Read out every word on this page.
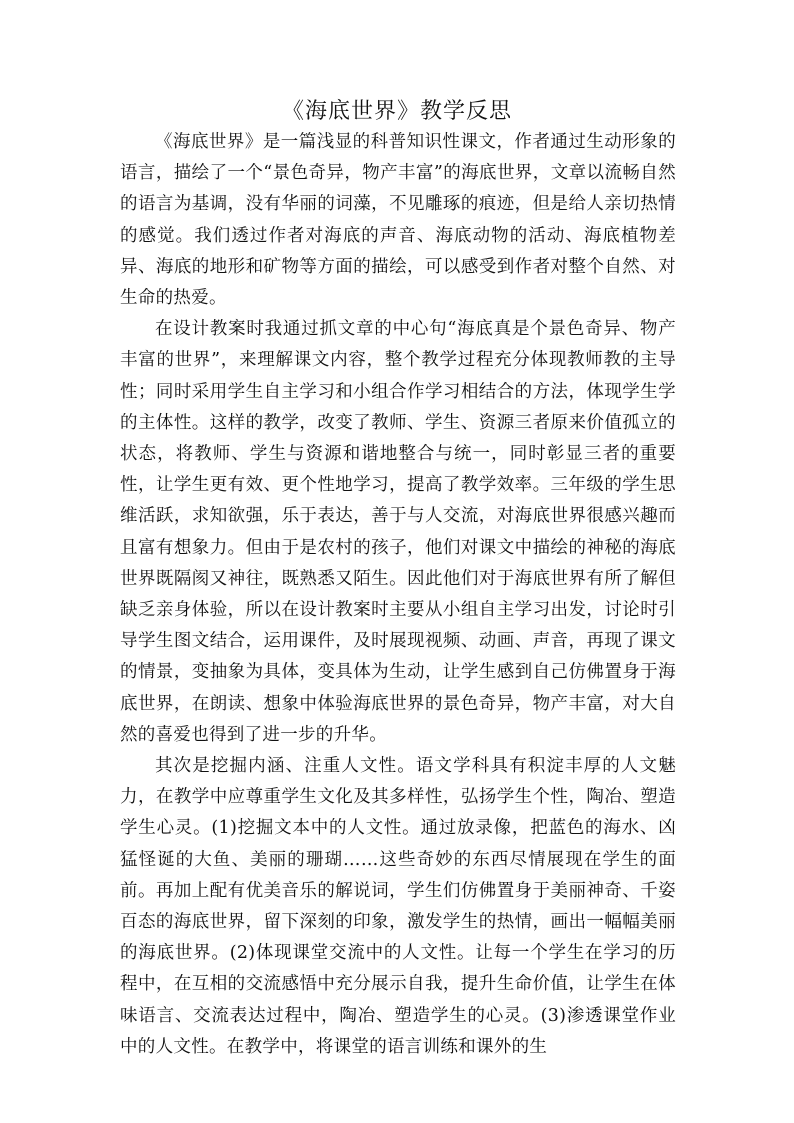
《海底世界》教学反思

《海底世界》是一篇浅显的科普知识性课文，作者通过生动形象的语言，描绘了一个“景色奇异，物产丰富”的海底世界，文章以流畅自然的语言为基调，没有华丽的词藻，不见雕琢的痕迹，但是给人亲切热情的感觉。我们透过作者对海底的声音、海底动物的活动、海底植物差异、海底的地形和矿物等方面的描绘，可以感受到作者对整个自然、对生命的热爱。

在设计教案时我通过抓文章的中心句“海底真是个景色奇异、物产丰富的世界”，来理解课文内容，整个教学过程充分体现教师教的主导性；同时采用学生自主学习和小组合作学习相结合的方法，体现学生学的主体性。这样的教学，改变了教师、学生、资源三者原来价值孤立的状态，将教师、学生与资源和谐地整合与统一，同时彰显三者的重要性，让学生更有效、更个性地学习，提高了教学效率。三年级的学生思维活跃，求知欲强，乐于表达，善于与人交流，对海底世界很感兴趣而且富有想象力。但由于是农村的孩子，他们对课文中描绘的神秘的海底世界既隔阂又神往，既熟悉又陌生。因此他们对于海底世界有所了解但缺乏亲身体验，所以在设计教案时主要从小组自主学习出发，讨论时引导学生图文结合，运用课件，及时展现视频、动画、声音，再现了课文的情景，变抽象为具体，变具体为生动，让学生感到自己仿佛置身于海底世界，在朗读、想象中体验海底世界的景色奇异，物产丰富，对大自然的喜爱也得到了进一步的升华。

其次是挖掘内涵、注重人文性。语文学科具有积淀丰厚的人文魅力，在教学中应尊重学生文化及其多样性，弘扬学生个性，陶冶、塑造学生心灵。(1)挖掘文本中的人文性。通过放录像，把蓝色的海水、凶猛怪诞的大鱼、美丽的珊瑚……这些奇妙的东西尽情展现在学生的面前。再加上配有优美音乐的解说词，学生们仿佛置身于美丽神奇、千姿百态的海底世界，留下深刻的印象，激发学生的热情，画出一幅幅美丽的海底世界。(2)体现课堂交流中的人文性。让每一个学生在学习的历程中，在互相的交流感悟中充分展示自我，提升生命价值，让学生在体味语言、交流表达过程中，陶冶、塑造学生的心灵。(3)渗透课堂作业中的人文性。在教学中，将课堂的语言训练和课外的生
